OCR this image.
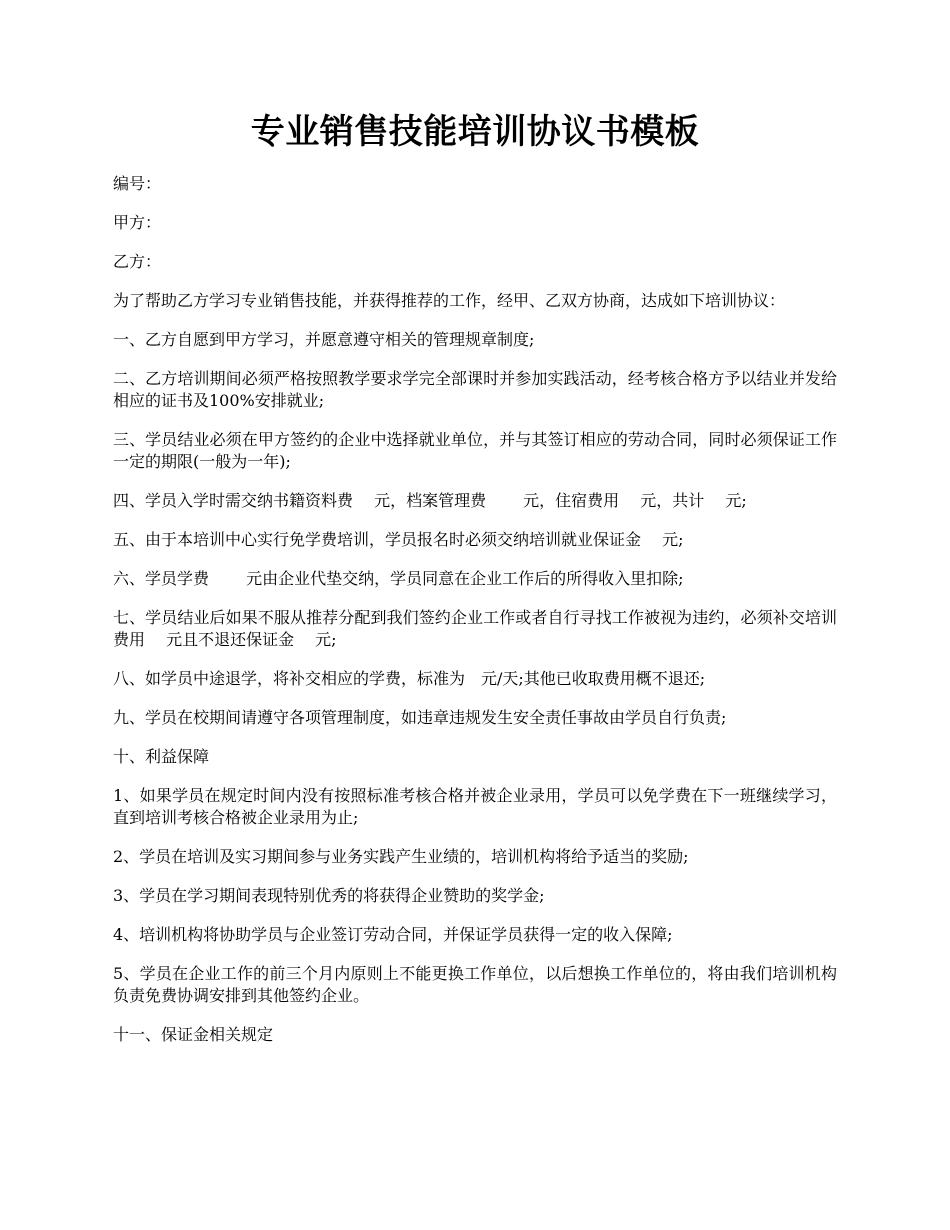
专业销售技能培训协议书模板

编号：

甲方：

乙方：

为了帮助乙方学习专业销售技能，并获得推荐的工作，经甲、乙双方协商，达成如下培训协议：

一、乙方自愿到甲方学习，并愿意遵守相关的管理规章制度;

二、乙方培训期间必须严格按照教学要求学完全部课时并参加实践活动，经考核合格方予以结业并发给相应的证书及100%安排就业;

三、学员结业必须在甲方签约的企业中选择就业单位，并与其签订相应的劳动合同，同时必须保证工作一定的期限(一般为一年);

四、学员入学时需交纳书籍资料费　 元，档案管理费　　 元，住宿费用　 元，共计　 元;

五、由于本培训中心实行免学费培训，学员报名时必须交纳培训就业保证金　 元;

六、学员学费　　 元由企业代垫交纳，学员同意在企业工作后的所得收入里扣除;

七、学员结业后如果不服从推荐分配到我们签约企业工作或者自行寻找工作被视为违约，必须补交培训费用　 元且不退还保证金　 元;

八、如学员中途退学，将补交相应的学费，标准为　元/天;其他已收取费用概不退还;

九、学员在校期间请遵守各项管理制度，如违章违规发生安全责任事故由学员自行负责;

十、利益保障

1、如果学员在规定时间内没有按照标准考核合格并被企业录用，学员可以免学费在下一班继续学习，直到培训考核合格被企业录用为止;

2、学员在培训及实习期间参与业务实践产生业绩的，培训机构将给予适当的奖励;

3、学员在学习期间表现特别优秀的将获得企业赞助的奖学金;

4、培训机构将协助学员与企业签订劳动合同，并保证学员获得一定的收入保障;

5、学员在企业工作的前三个月内原则上不能更换工作单位，以后想换工作单位的，将由我们培训机构负责免费协调安排到其他签约企业。

十一、保证金相关规定
